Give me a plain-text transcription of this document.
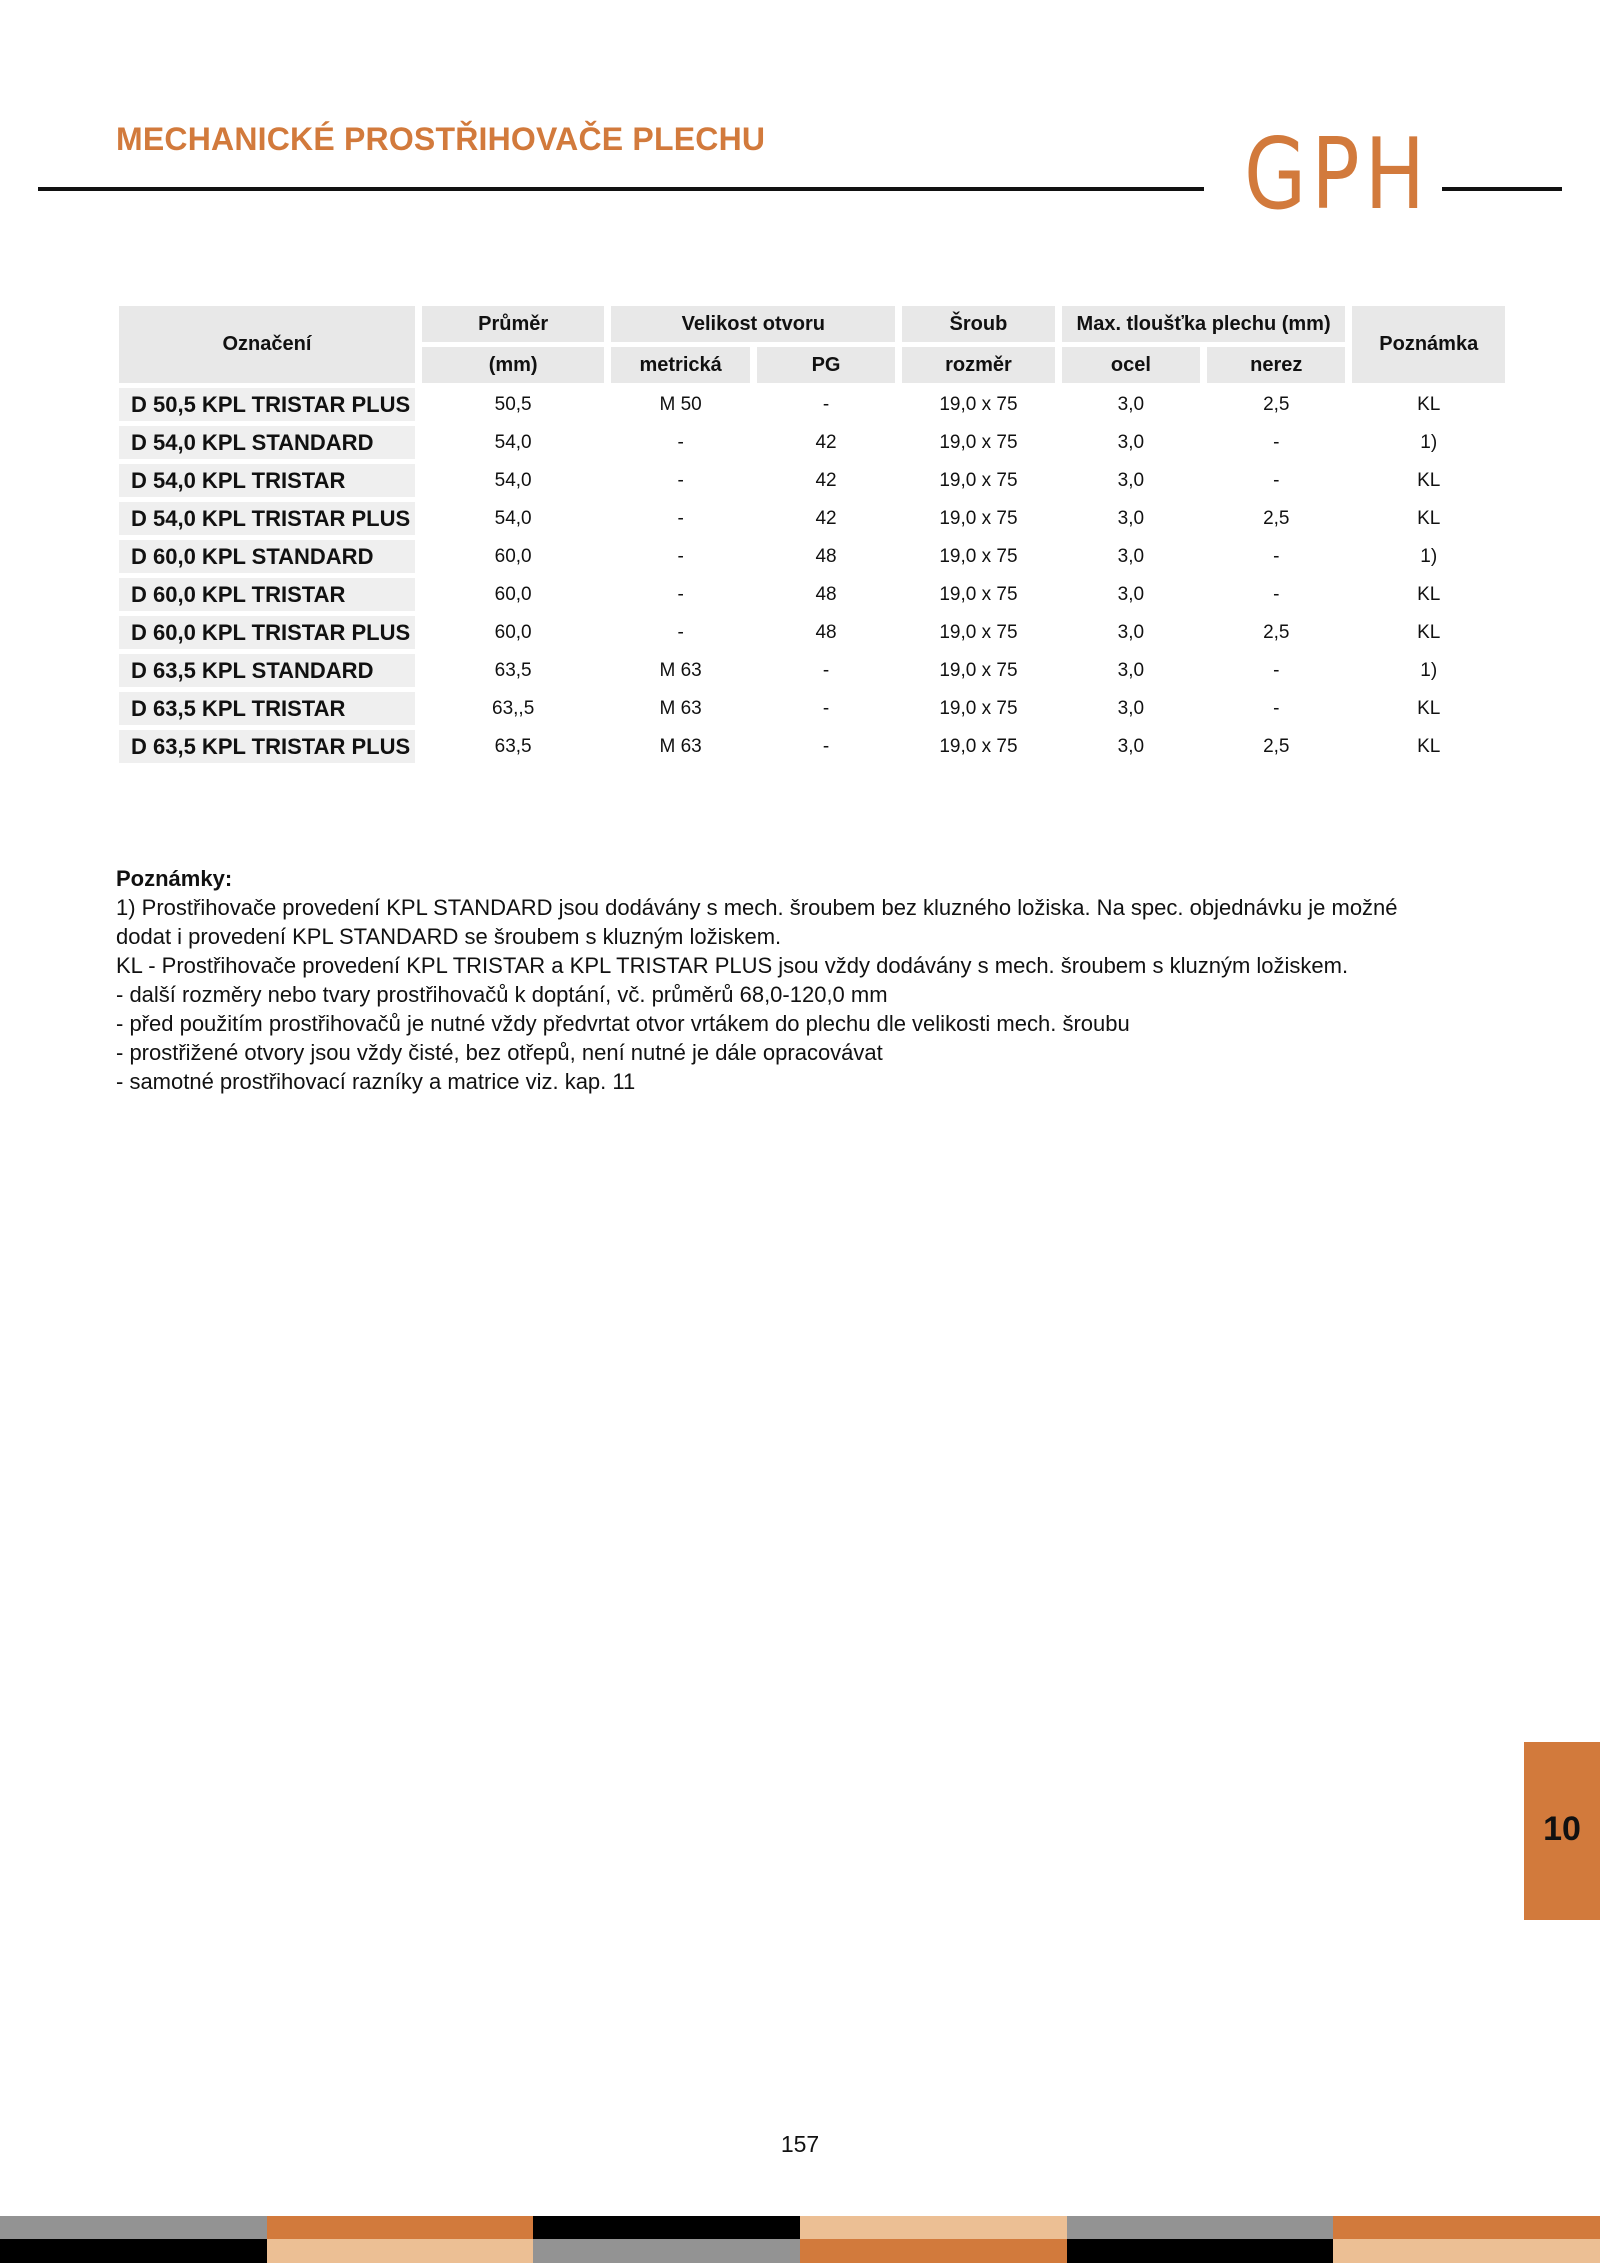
MECHANICKÉ PROSTŘIHOVAČE PLECHU	GPH
Označení	Průměr	Velikost otvoru		Šroub	Max. tloušťka plechu (mm)		Poznámka
	(mm)	metrická	PG	rozměr	ocel	nerez	
D 50,5 KPL TRISTAR PLUS	50,5	M 50	-	19,0 x 75	3,0	2,5	KL
D 54,0 KPL STANDARD	54,0	-	42	19,0 x 75	3,0	-	1)
D 54,0 KPL TRISTAR	54,0	-	42	19,0 x 75	3,0	-	KL
D 54,0 KPL TRISTAR PLUS	54,0	-	42	19,0 x 75	3,0	2,5	KL
D 60,0 KPL STANDARD	60,0	-	48	19,0 x 75	3,0	-	1)
D 60,0 KPL TRISTAR	60,0	-	48	19,0 x 75	3,0	-	KL
D 60,0 KPL TRISTAR PLUS	60,0	-	48	19,0 x 75	3,0	2,5	KL
D 63,5 KPL STANDARD	63,5	M 63	-	19,0 x 75	3,0	-	1)
D 63,5 KPL TRISTAR	63,,5	M 63	-	19,0 x 75	3,0	-	KL
D 63,5 KPL TRISTAR PLUS	63,5	M 63	-	19,0 x 75	3,0	2,5	KL
Poznámky:
1) Prostřihovače provedení KPL STANDARD jsou dodávány s mech. šroubem bez kluzného ložiska. Na spec. objednávku je možné
dodat i provedení KPL STANDARD se šroubem s kluzným ložiskem.
KL - Prostřihovače provedení KPL TRISTAR a KPL TRISTAR PLUS jsou vždy dodávány s mech. šroubem s kluzným ložiskem.
- další rozměry nebo tvary prostřihovačů k doptání, vč. průměrů 68,0-120,0 mm
- před použitím prostřihovačů je nutné vždy předvrtat otvor vrtákem do plechu dle velikosti mech. šroubu
- prostřižené otvory jsou vždy čisté, bez otřepů, není nutné je dále opracovávat
- samotné prostřihovací razníky a matrice viz. kap. 11
10
157
